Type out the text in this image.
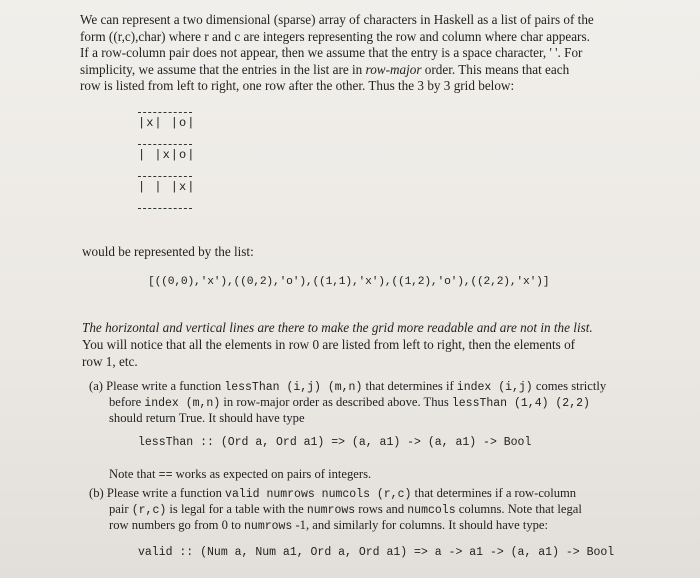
We can represent a two dimensional (sparse) array of characters in Haskell as a list of pairs of the
form ((r,c),char) where r and c are integers representing the row and column where char appears.
If a row-column pair does not appear, then we assume that the entry is a space character, ' '. For
simplicity, we assume that the entries in the list are in row-major order. This means that each
row is listed from left to right, one row after the other. Thus the 3 by 3 grid below:
|x| |o|
| |x|o|
| | |x|
would be represented by the list:
[((0,0),'x'),((0,2),'o'),((1,1),'x'),((1,2),'o'),((2,2),'x')]
The horizontal and vertical lines are there to make the grid more readable and are not in the list.
You will notice that all the elements in row 0 are listed from left to right, then the elements of
row 1, etc.
(a) Please write a function lessThan (i,j) (m,n) that determines if index (i,j) comes strictly
before index (m,n) in row-major order as described above. Thus lessThan (1,4) (2,2)
should return True. It should have type
lessThan :: (Ord a, Ord a1) => (a, a1) -> (a, a1) -> Bool
Note that == works as expected on pairs of integers.
(b) Please write a function valid numrows numcols (r,c) that determines if a row-column
pair (r,c) is legal for a table with the numrows rows and numcols columns. Note that legal
row numbers go from 0 to numrows -1, and similarly for columns. It should have type:
valid :: (Num a, Num a1, Ord a, Ord a1) => a -> a1 -> (a, a1) -> Bool
